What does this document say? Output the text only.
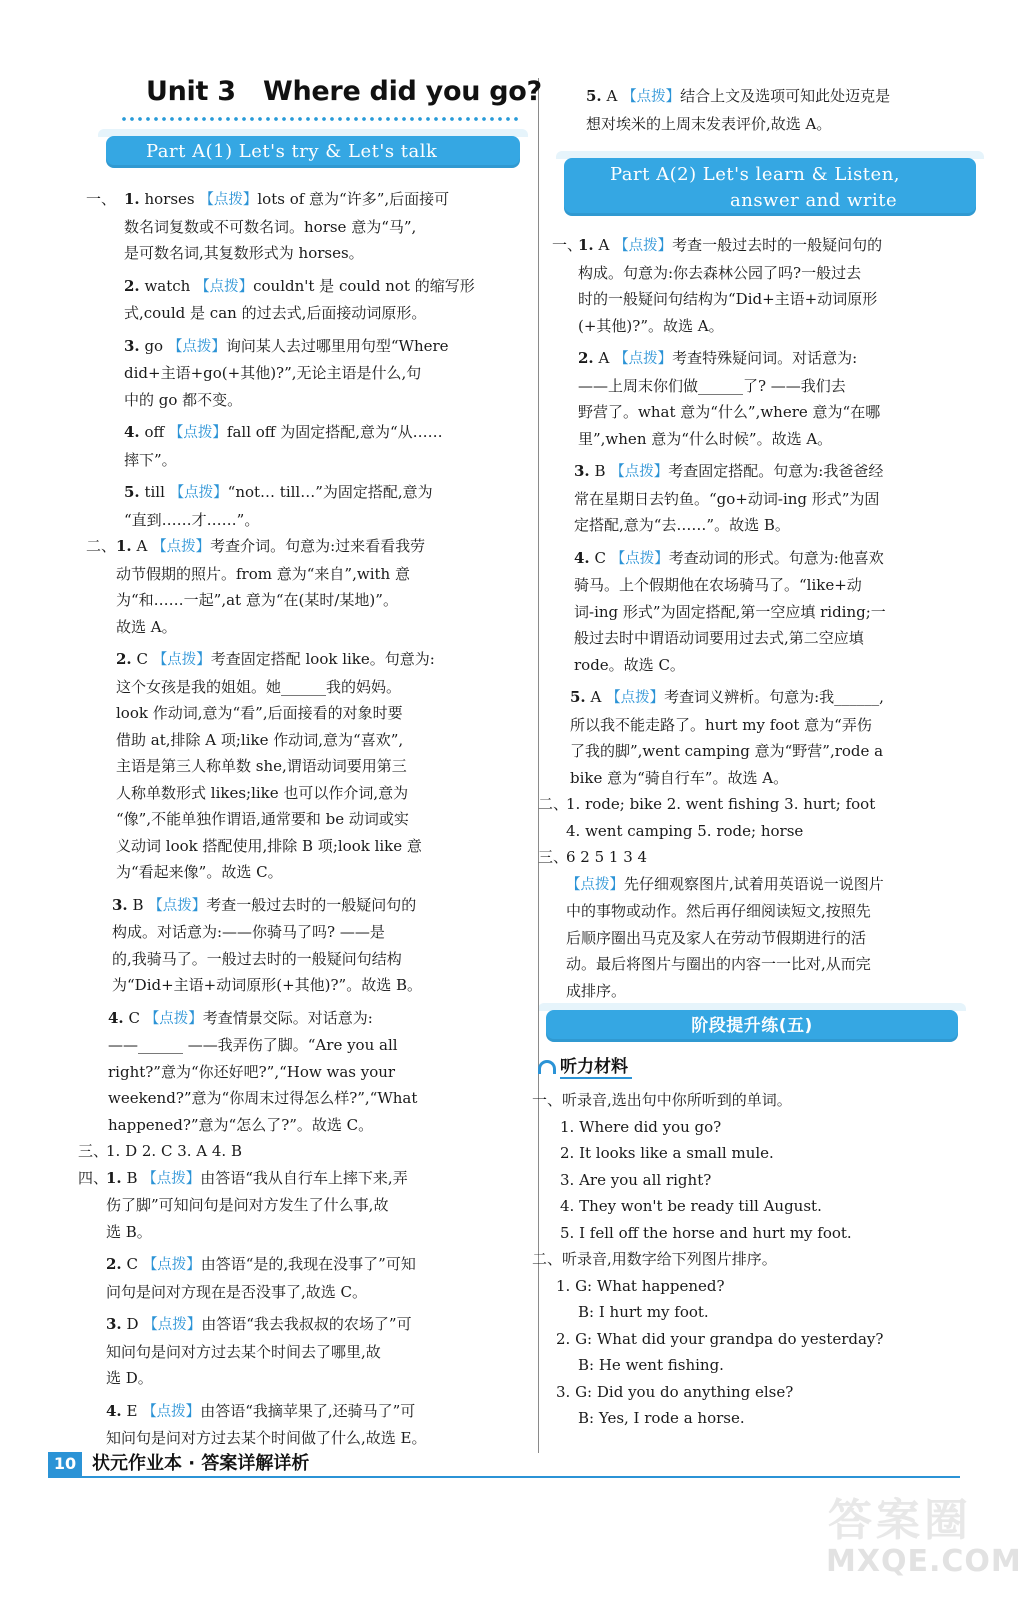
Unit 3 Where did you go?
Part A(1) Let's try & Let's talk
一、 1. horses 【点拨】lots of 意为“许多”,后面接可
数名词复数或不可数名词。horse 意为“马”,
是可数名词,其复数形式为 horses。
2. watch 【点拨】couldn't 是 could not 的缩写形
式,could 是 can 的过去式,后面接动词原形。
3. go 【点拨】询问某人去过哪里用句型“Where
did+主语+go(+其他)?”,无论主语是什么,句
中的 go 都不变。
4. off 【点拨】fall off 为固定搭配,意为“从……
摔下”。
5. till 【点拨】“not… till…”为固定搭配,意为
“直到……才……”。
二、 1. A 【点拨】考查介词。句意为:过来看看我劳
动节假期的照片。from 意为“来自”,with 意
为“和……一起”,at 意为“在(某时/某地)”。
故选 A。
2. C 【点拨】考查固定搭配 look like。句意为:
这个女孩是我的姐姐。她______我的妈妈。
look 作动词,意为“看”,后面接看的对象时要
借助 at,排除 A 项;like 作动词,意为“喜欢”,
主语是第三人称单数 she,谓语动词要用第三
人称单数形式 likes;like 也可以作介词,意为
“像”,不能单独作谓语,通常要和 be 动词或实
义动词 look 搭配使用,排除 B 项;look like 意
为“看起来像”。故选 C。
3. B 【点拨】考查一般过去时的一般疑问句的
构成。对话意为:——你骑马了吗? ——是
的,我骑马了。一般过去时的一般疑问句结构
为“Did+主语+动词原形(+其他)?”。故选 B。
4. C 【点拨】考查情景交际。对话意为:
——______ ——我弄伤了脚。“Are you all
right?”意为“你还好吧?”,“How was your
weekend?”意为“你周末过得怎么样?”,“What
happened?”意为“怎么了?”。故选 C。
三、
1. D 2. C 3. A 4. B
四、
1. B 【点拨】由答语“我从自行车上摔下来,弄
伤了脚”可知问句是问对方发生了什么事,故
选 B。
2. C 【点拨】由答语“是的,我现在没事了”可知
问句是问对方现在是否没事了,故选 C。
3. D 【点拨】由答语“我去我叔叔的农场了”可
知问句是问对方过去某个时间去了哪里,故
选 D。
4. E 【点拨】由答语“我摘苹果了,还骑马了”可
知问句是问对方过去某个时间做了什么,故选 E。
5. A 【点拨】结合上文及选项可知此处迈克是
想对埃米的上周末发表评价,故选 A。
Part A(2) Let's learn & Listen,
answer and write
一、
1. A 【点拨】考查一般过去时的一般疑问句的
构成。句意为:你去森林公园了吗?一般过去
时的一般疑问句结构为“Did+主语+动词原形
(+其他)?”。故选 A。
2. A 【点拨】考查特殊疑问词。对话意为:
——上周末你们做______了? ——我们去
野营了。what 意为“什么”,where 意为“在哪
里”,when 意为“什么时候”。故选 A。
3. B 【点拨】考查固定搭配。句意为:我爸爸经
常在星期日去钓鱼。“go+动词-ing 形式”为固
定搭配,意为“去……”。故选 B。
4. C 【点拨】考查动词的形式。句意为:他喜欢
骑马。上个假期他在农场骑马了。“like+动
词-ing 形式”为固定搭配,第一空应填 riding;一
般过去时中谓语动词要用过去式,第二空应填
rode。故选 C。
5. A 【点拨】考查词义辨析。句意为:我______,
所以我不能走路了。hurt my foot 意为“弄伤
了我的脚”,went camping 意为“野营”,rode a
bike 意为“骑自行车”。故选 A。
二、
1. rode; bike 2. went fishing 3. hurt; foot
4. went camping 5. rode; horse
三、
6 2 5 1 3 4
【点拨】先仔细观察图片,试着用英语说一说图片
中的事物或动作。然后再仔细阅读短文,按照先
后顺序圈出马克及家人在劳动节假期进行的活
动。最后将图片与圈出的内容一一比对,从而完
成排序。
阶段提升练(五)
听力材料
一、听录音,选出句中你所听到的单词。
1. Where did you go?
2. It looks like a small mule.
3. Are you all right?
4. They won't be ready till August.
5. I fell off the horse and hurt my foot.
二、听录音,用数字给下列图片排序。
1. G: What happened?
B: I hurt my foot.
2. G: What did your grandpa do yesterday?
B: He went fishing.
3. G: Did you do anything else?
B: Yes, I rode a horse.
10 状元作业本 · 答案详解详析
答案圈
MXQE.COM
